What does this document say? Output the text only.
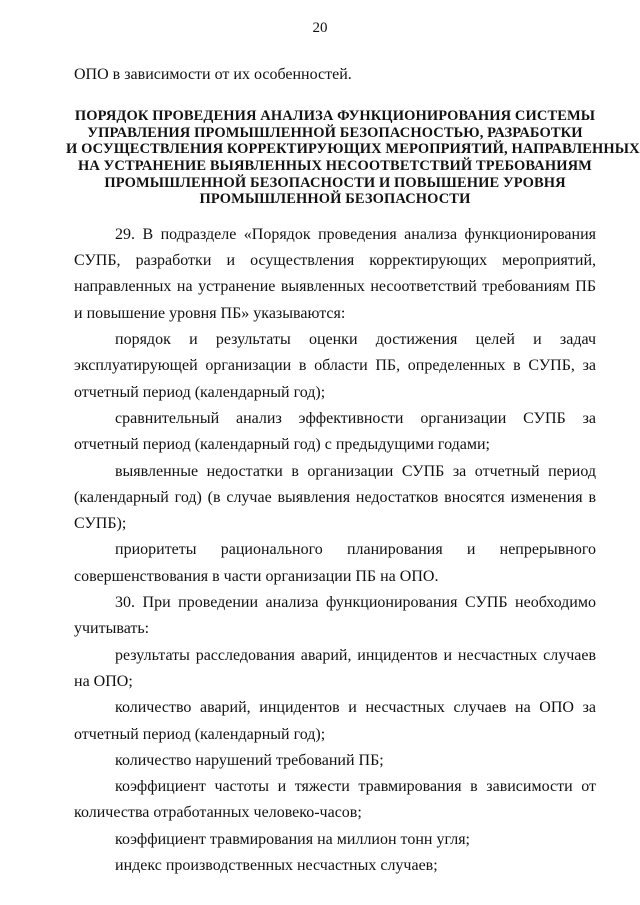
20

ОПО в зависимости от их особенностей.

ПОРЯДОК ПРОВЕДЕНИЯ АНАЛИЗА ФУНКЦИОНИРОВАНИЯ СИСТЕМЫ
УПРАВЛЕНИЯ ПРОМЫШЛЕННОЙ БЕЗОПАСНОСТЬЮ, РАЗРАБОТКИ
И ОСУЩЕСТВЛЕНИЯ КОРРЕКТИРУЮЩИХ МЕРОПРИЯТИЙ, НАПРАВЛЕННЫХ
НА УСТРАНЕНИЕ ВЫЯВЛЕННЫХ НЕСООТВЕТСТВИЙ ТРЕБОВАНИЯМ
ПРОМЫШЛЕННОЙ БЕЗОПАСНОСТИ И ПОВЫШЕНИЕ УРОВНЯ
ПРОМЫШЛЕННОЙ БЕЗОПАСНОСТИ

29. В подразделе «Порядок проведения анализа функционирования СУПБ, разработки и осуществления корректирующих мероприятий, направленных на устранение выявленных несоответствий требованиям ПБ и повышение уровня ПБ» указываются:

порядок и результаты оценки достижения целей и задач эксплуатирующей организации в области ПБ, определенных в СУПБ, за отчетный период (календарный год);

сравнительный анализ эффективности организации СУПБ за отчетный период (календарный год) с предыдущими годами;

выявленные недостатки в организации СУПБ за отчетный период (календарный год) (в случае выявления недостатков вносятся изменения в СУПБ);

приоритеты рационального планирования и непрерывного совершенствования в части организации ПБ на ОПО.

30. При проведении анализа функционирования СУПБ необходимо учитывать:

результаты расследования аварий, инцидентов и несчастных случаев на ОПО;

количество аварий, инцидентов и несчастных случаев на ОПО за отчетный период (календарный год);

количество нарушений требований ПБ;

коэффициент частоты и тяжести травмирования в зависимости от количества отработанных человеко-часов;

коэффициент травмирования на миллион тонн угля;

индекс производственных несчастных случаев;
